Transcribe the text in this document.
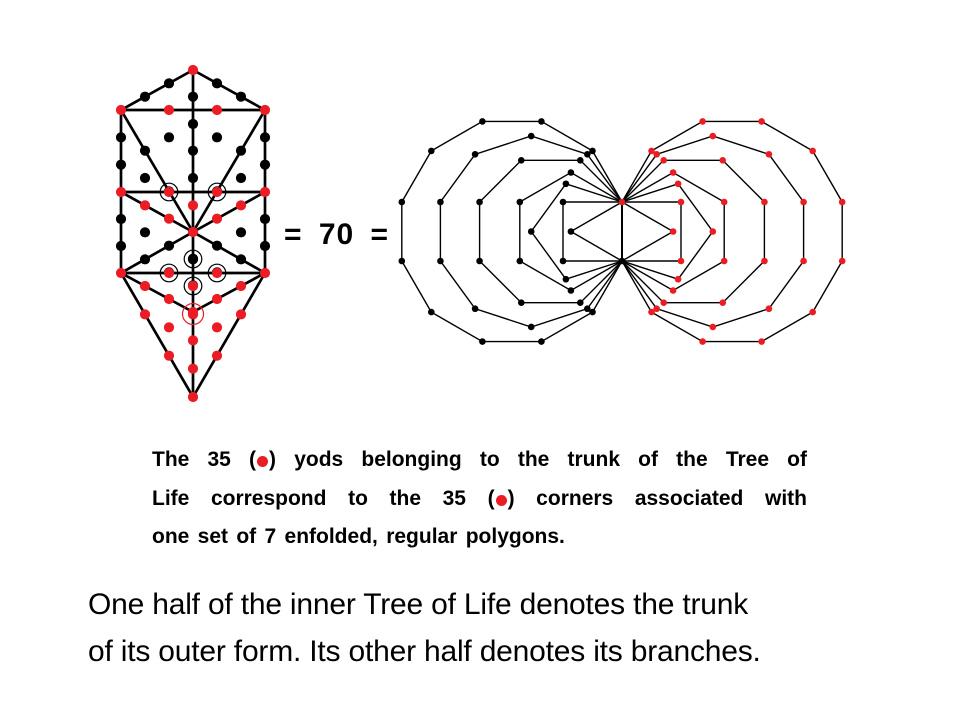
= 70 =
The 35 ( ) yods belonging to the trunk of the Tree of
Life correspond to the 35 ( ) corners associated with
one set of 7 enfolded, regular polygons.
One half of the inner Tree of Life denotes the trunk
of its outer form. Its other half denotes its branches.
